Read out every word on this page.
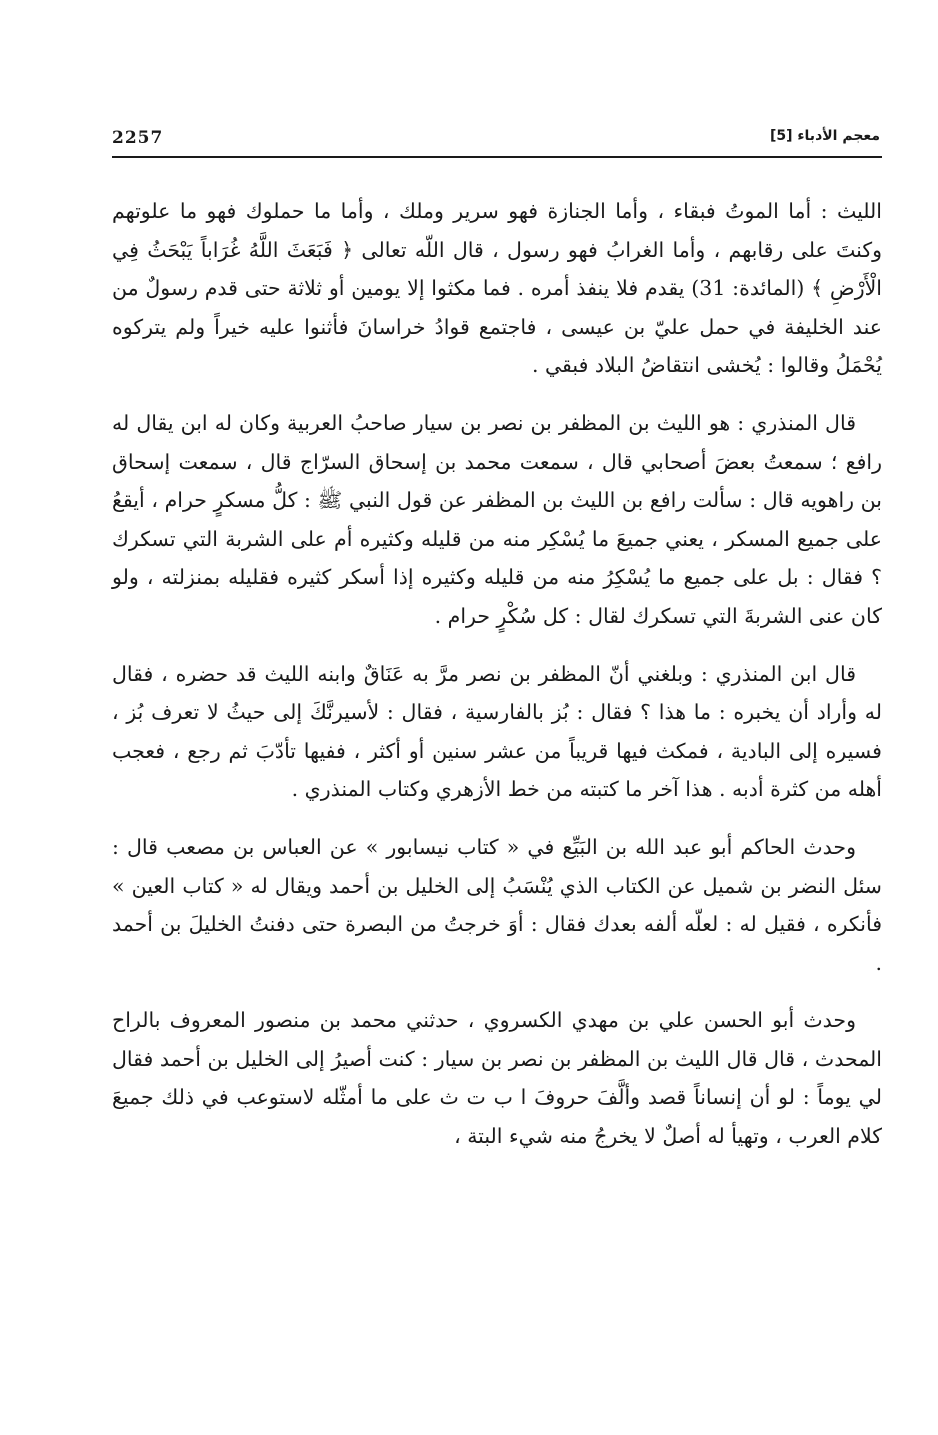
2257	معجم الأدباء [5]

الليث : أما الموتُ فبقاء ، وأما الجنازة فهو سرير وملك ، وأما ما حملوك فهو ما علوتهم وكنتَ على رقابهم ، وأما الغرابُ فهو رسول ، قال اللّه تعالى ﴿ فَبَعَثَ اللَّهُ غُرَاباً يَبْحَثُ فِي الْأَرْضِ ﴾ (المائدة: 31) يقدم فلا ينفذ أمره . فما مكثوا إلا يومين أو ثلاثة حتى قدم رسولٌ من عند الخليفة في حمل عليّ بن عيسى ، فاجتمع قوادُ خراسانَ فأثنوا عليه خيراً ولم يتركوه يُحْمَلُ وقالوا : يُخشى انتقاضُ البلاد فبقي .

قال المنذري : هو الليث بن المظفر بن نصر بن سيار صاحبُ العربية وكان له ابن يقال له رافع ؛ سمعتُ بعضَ أصحابي قال ، سمعت محمد بن إسحاق السرّاج قال ، سمعت إسحاق بن راهويه قال : سألت رافع بن الليث بن المظفر عن قول النبي ﷺ : كلُّ مسكرٍ حرام ، أيقعُ على جميع المسكر ، يعني جميعَ ما يُسْكِر منه من قليله وكثيره أم على الشربة التي تسكرك ؟ فقال : بل على جميع ما يُسْكِرُ منه من قليله وكثيره إذا أسكر كثيره فقليله بمنزلته ، ولو كان عنى الشربةَ التي تسكرك لقال : كل سُكْرٍ حرام .

قال ابن المنذري : وبلغني أنّ المظفر بن نصر مرَّ به عَنَاقٌ وابنه الليث قد حضره ، فقال له وأراد أن يخبره : ما هذا ؟ فقال : بُز بالفارسية ، فقال : لأسيرنَّكَ إلى حيثُ لا تعرف بُز ، فسيره إلى البادية ، فمكث فيها قريباً من عشر سنين أو أكثر ، ففيها تأدّبَ ثم رجع ، فعجب أهله من كثرة أدبه . هذا آخر ما كتبته من خط الأزهري وكتاب المنذري .

وحدث الحاكم أبو عبد الله بن البَيِّع في « كتاب نيسابور » عن العباس بن مصعب قال : سئل النضر بن شميل عن الكتاب الذي يُنْسَبُ إلى الخليل بن أحمد ويقال له « كتاب العين » فأنكره ، فقيل له : لعلّه ألفه بعدك فقال : أوَ خرجتُ من البصرة حتى دفنتُ الخليلَ بن أحمد .

وحدث أبو الحسن علي بن مهدي الكسروي ، حدثني محمد بن منصور المعروف بالراح المحدث ، قال قال الليث بن المظفر بن نصر بن سيار : كنت أصيرُ إلى الخليل بن أحمد فقال لي يوماً : لو أن إنساناً قصد وألَّفَ حروفَ ا ب ت ث على ما أمثّله لاستوعب في ذلك جميعَ كلام العرب ، وتهيأ له أصلٌ لا يخرجُ منه شيء البتة ،
